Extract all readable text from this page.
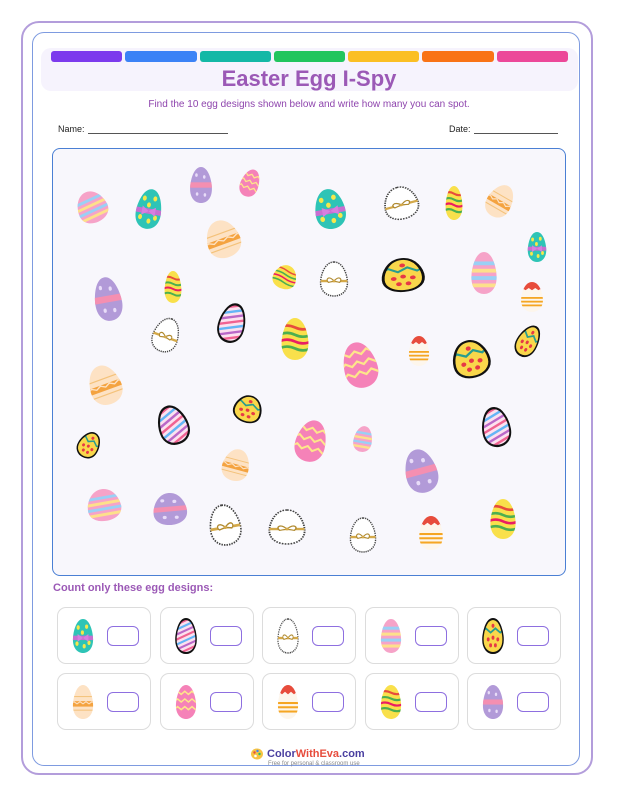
Easter Egg I-Spy
Find the 10 egg designs shown below and write how many you can spot.
Name:	Date:
Count only these egg designs:
ColorWithEva.com
Free for personal & classroom use
